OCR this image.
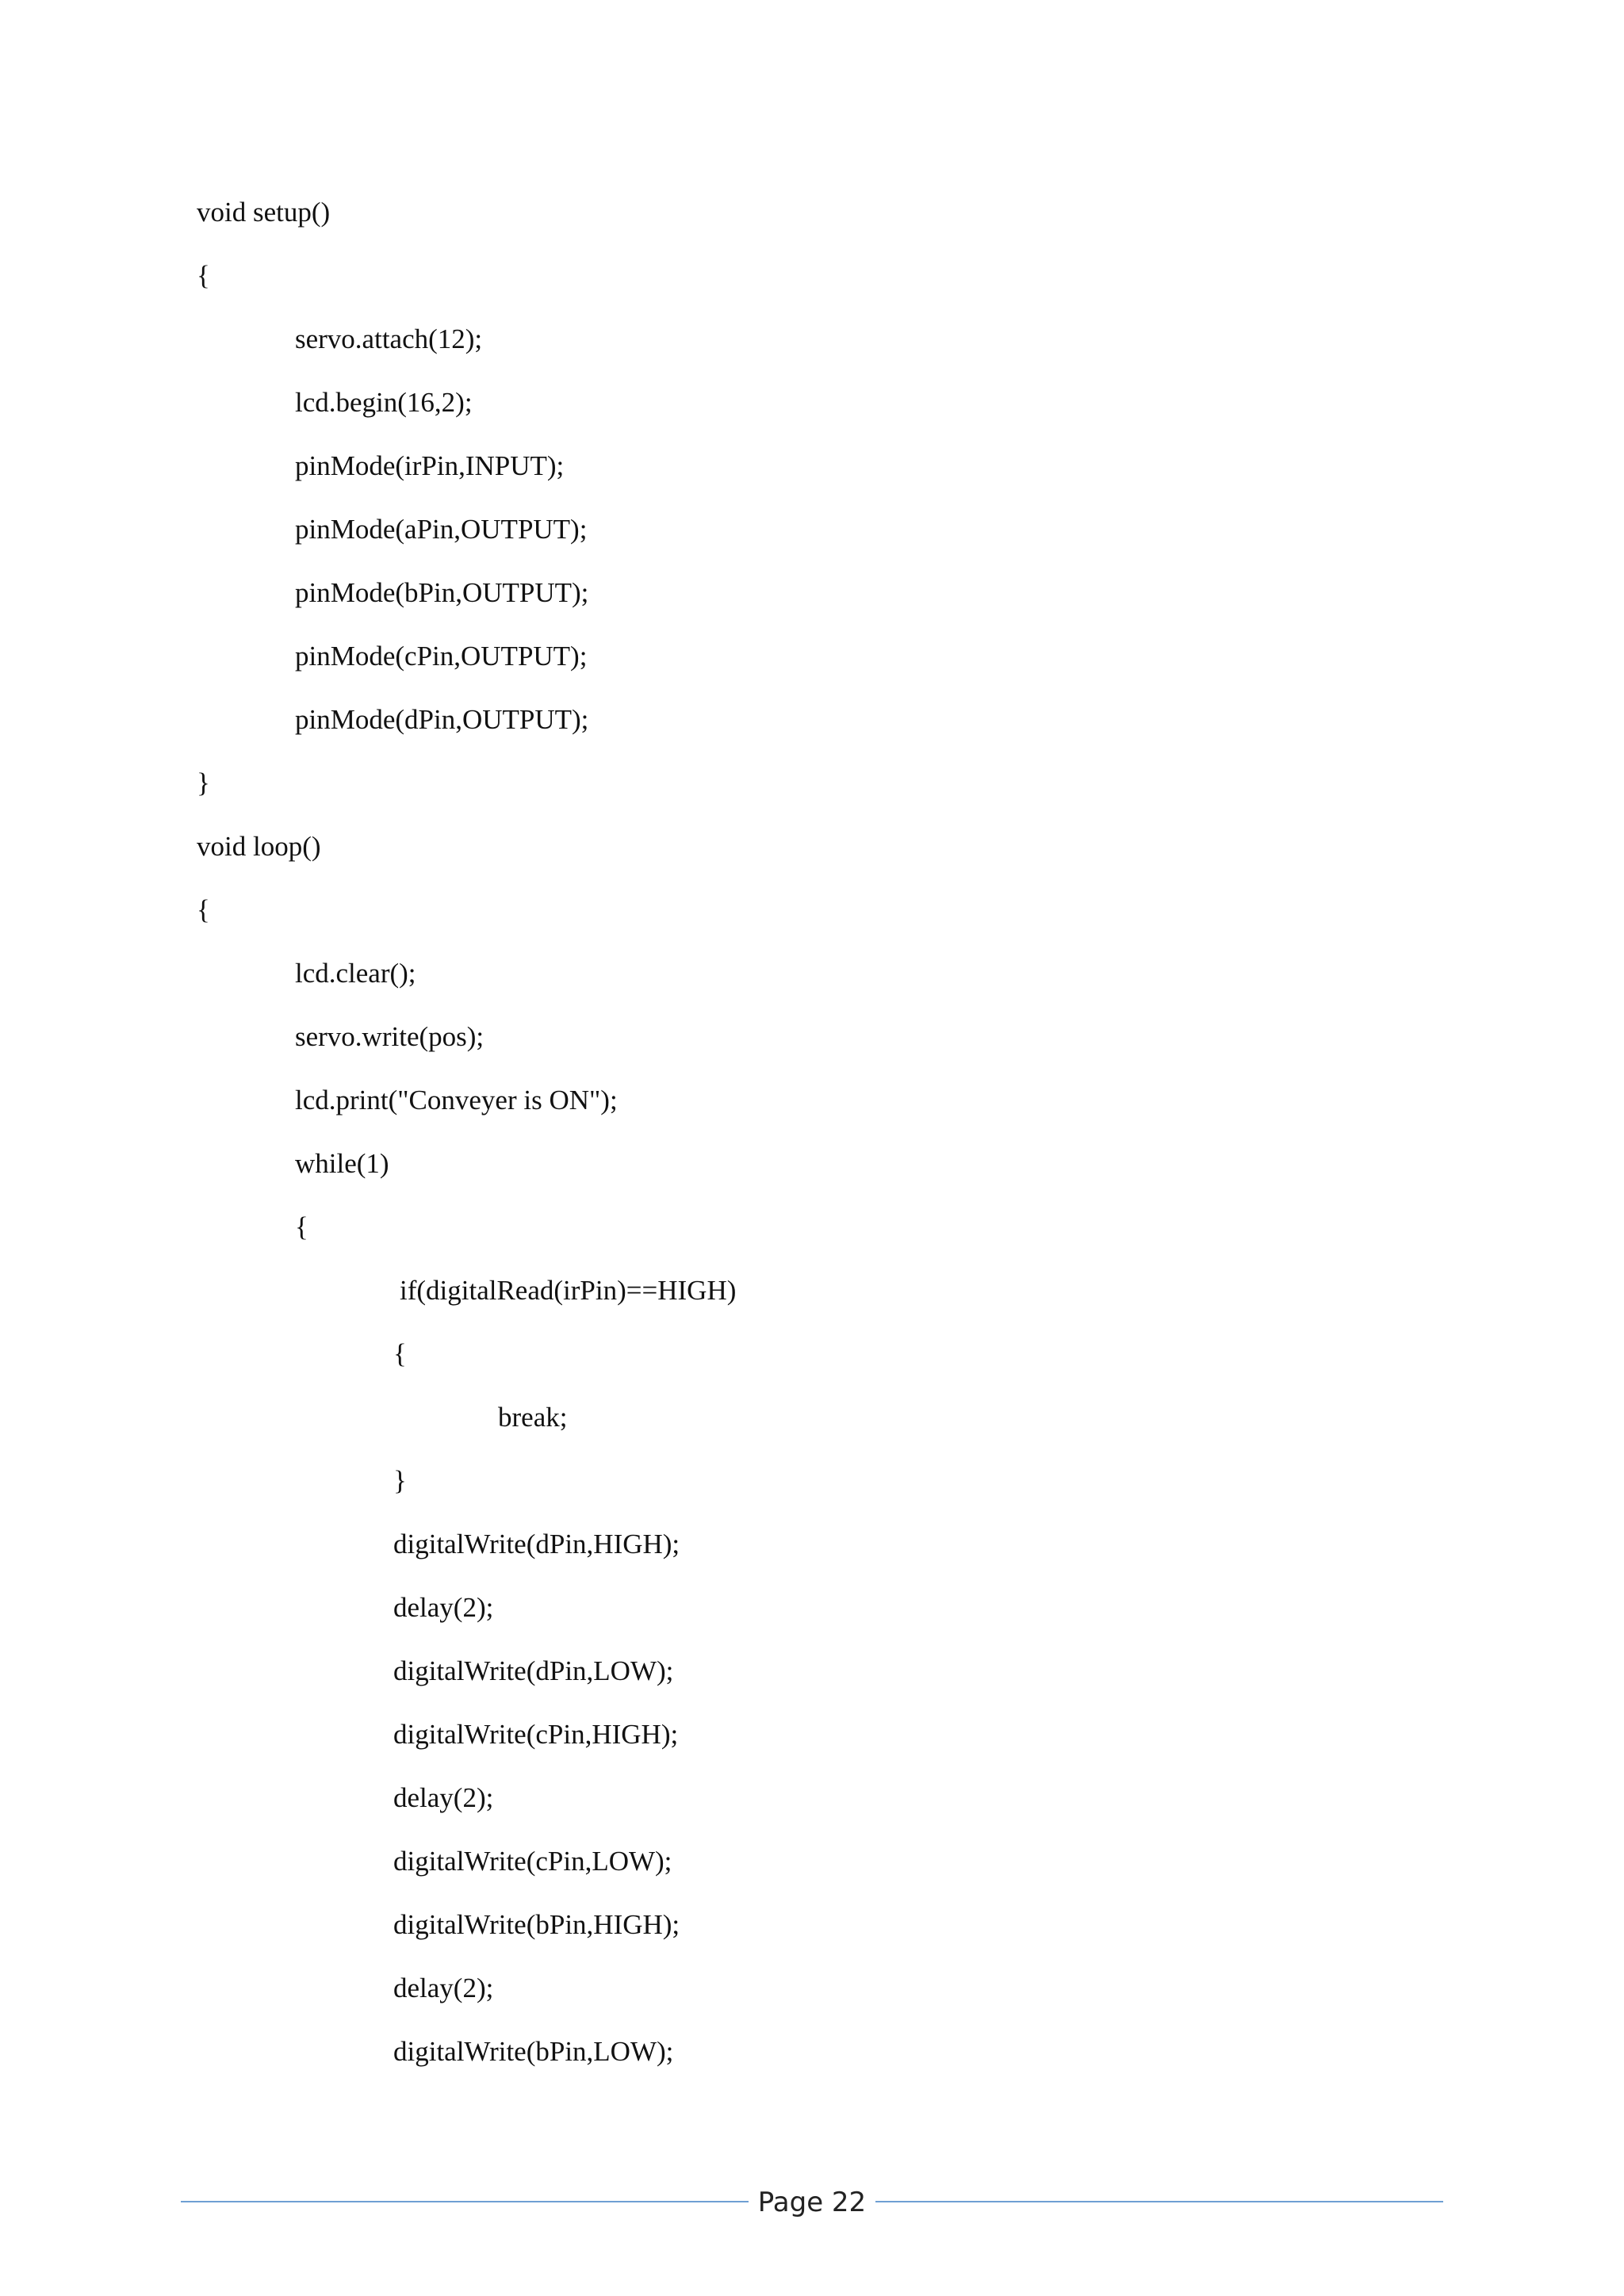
void setup()
{
servo.attach(12);
lcd.begin(16,2);
pinMode(irPin,INPUT);
pinMode(aPin,OUTPUT);
pinMode(bPin,OUTPUT);
pinMode(cPin,OUTPUT);
pinMode(dPin,OUTPUT);
}
void loop()
{
lcd.clear();
servo.write(pos);
lcd.print("Conveyer is ON");
while(1)
{
if(digitalRead(irPin)==HIGH)
{
break;
}
digitalWrite(dPin,HIGH);
delay(2);
digitalWrite(dPin,LOW);
digitalWrite(cPin,HIGH);
delay(2);
digitalWrite(cPin,LOW);
digitalWrite(bPin,HIGH);
delay(2);
digitalWrite(bPin,LOW);
Page 22
